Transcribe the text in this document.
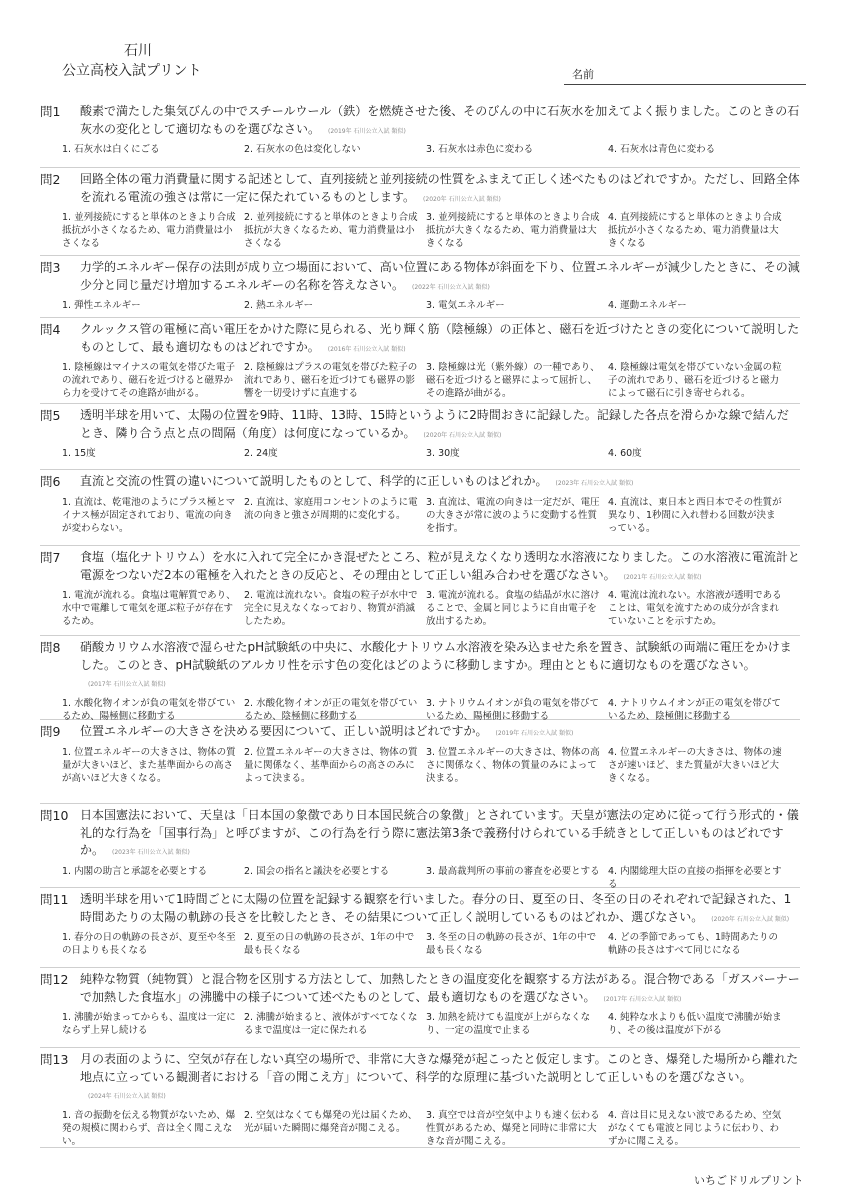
石川
公立高校入試プリント	名前
問1 酸素で満たした集気びんの中でスチールウール（鉄）を燃焼させた後、そのびんの中に石灰水を加えてよく振りました。このときの石灰水の変化として適切なものを選びなさい。 (2019年 石川公立入試 類似)
1. 石灰水は白くにごる	2. 石灰水の色は変化しない	3. 石灰水は赤色に変わる	4. 石灰水は青色に変わる
問2 回路全体の電力消費量に関する記述として、直列接続と並列接続の性質をふまえて正しく述べたものはどれですか。ただし、回路全体を流れる電流の強さは常に一定に保たれているものとします。 (2020年 石川公立入試 類似)
1. 並列接続にすると単体のときより合成抵抗が小さくなるため、電力消費量は小さくなる
2. 並列接続にすると単体のときより合成抵抗が大きくなるため、電力消費量は小さくなる
3. 並列接続にすると単体のときより合成抵抗が大きくなるため、電力消費量は大きくなる
4. 直列接続にすると単体のときより合成抵抗が小さくなるため、電力消費量は大きくなる
問3 力学的エネルギー保存の法則が成り立つ場面において、高い位置にある物体が斜面を下り、位置エネルギーが減少したときに、その減少分と同じ量だけ増加するエネルギーの名称を答えなさい。 (2022年 石川公立入試 類似)
1. 弾性エネルギー	2. 熱エネルギー	3. 電気エネルギー	4. 運動エネルギー
問4 クルックス管の電極に高い電圧をかけた際に見られる、光り輝く筋（陰極線）の正体と、磁石を近づけたときの変化について説明したものとして、最も適切なものはどれですか。 (2016年 石川公立入試 類似)
1. 陰極線はマイナスの電気を帯びた電子の流れであり、磁石を近づけると磁界から力を受けてその進路が曲がる。
2. 陰極線はプラスの電気を帯びた粒子の流れであり、磁石を近づけても磁界の影響を一切受けずに直進する
3. 陰極線は光（紫外線）の一種であり、磁石を近づけると磁界によって屈折し、その進路が曲がる。
4. 陰極線は電気を帯びていない金属の粒子の流れであり、磁石を近づけると磁力によって磁石に引き寄せられる。
問5 透明半球を用いて、太陽の位置を9時、11時、13時、15時というように2時間おきに記録した。記録した各点を滑らかな線で結んだとき、隣り合う点と点の間隔（角度）は何度になっているか。 (2020年 石川公立入試 類似)
1. 15度	2. 24度	3. 30度	4. 60度
問6 直流と交流の性質の違いについて説明したものとして、科学的に正しいものはどれか。 (2023年 石川公立入試 類似)
1. 直流は、乾電池のようにプラス極とマイナス極が固定されており、電流の向きが変わらない。
2. 直流は、家庭用コンセントのように電流の向きと強さが周期的に変化する。
3. 直流は、電流の向きは一定だが、電圧の大きさが常に波のように変動する性質を指す。
4. 直流は、東日本と西日本でその性質が異なり、1秒間に入れ替わる回数が決まっている。
問7 食塩（塩化ナトリウム）を水に入れて完全にかき混ぜたところ、粒が見えなくなり透明な水溶液になりました。この水溶液に電流計と電源をつないだ2本の電極を入れたときの反応と、その理由として正しい組み合わせを選びなさい。 (2021年 石川公立入試 類似)
1. 電流が流れる。食塩は電解質であり、水中で電離して電気を運ぶ粒子が存在するため。
2. 電流は流れない。食塩の粒子が水中で完全に見えなくなっており、物質が消滅したため。
3. 電流が流れる。食塩の結晶が水に溶けることで、金属と同じように自由電子を放出するため。
4. 電流は流れない。水溶液が透明であることは、電気を流すための成分が含まれていないことを示すため。
問8 硝酸カリウム水溶液で湿らせたpH試験紙の中央に、水酸化ナトリウム水溶液を染み込ませた糸を置き、試験紙の両端に電圧をかけました。このとき、pH試験紙のアルカリ性を示す色の変化はどのように移動しますか。理由とともに適切なものを選びなさい。(2017年 石川公立入試 類似)
1. 水酸化物イオンが負の電気を帯びているため、陽極側に移動する
2. 水酸化物イオンが正の電気を帯びているため、陰極側に移動する
3. ナトリウムイオンが負の電気を帯びているため、陽極側に移動する
4. ナトリウムイオンが正の電気を帯びているため、陰極側に移動する
問9 位置エネルギーの大きさを決める要因について、正しい説明はどれですか。 (2019年 石川公立入試 類似)
1. 位置エネルギーの大きさは、物体の質量が大きいほど、また基準面からの高さが高いほど大きくなる。
2. 位置エネルギーの大きさは、物体の質量に関係なく、基準面からの高さのみによって決まる。
3. 位置エネルギーの大きさは、物体の高さに関係なく、物体の質量のみによって決まる。
4. 位置エネルギーの大きさは、物体の速さが速いほど、また質量が大きいほど大きくなる。
問10 日本国憲法において、天皇は「日本国の象徴であり日本国民統合の象徴」とされています。天皇が憲法の定めに従って行う形式的・儀礼的な行為を「国事行為」と呼びますが、この行為を行う際に憲法第3条で義務付けられている手続きとして正しいものはどれですか。 (2023年 石川公立入試 類似)
1. 内閣の助言と承認を必要とする	2. 国会の指名と議決を必要とする	3. 最高裁判所の事前の審査を必要とする 4. 内閣総理大臣の直接の指揮を必要とする
問11 透明半球を用いて1時間ごとに太陽の位置を記録する観察を行いました。春分の日、夏至の日、冬至の日のそれぞれで記録された、1時間あたりの太陽の軌跡の長さを比較したとき、その結果について正しく説明しているものはどれか、選びなさい。 (2020年 石川公立入試 類似)
1. 春分の日の軌跡の長さが、夏至や冬至の日よりも長くなる
2. 夏至の日の軌跡の長さが、1年の中で最も長くなる
3. 冬至の日の軌跡の長さが、1年の中で最も長くなる
4. どの季節であっても、1時間あたりの軌跡の長さはすべて同じになる
問12 純粋な物質（純物質）と混合物を区別する方法として、加熱したときの温度変化を観察する方法がある。混合物である「ガスバーナーで加熱した食塩水」の沸騰中の様子について述べたものとして、最も適切なものを選びなさい。 (2017年 石川公立入試 類似)
1. 沸騰が始まってからも、温度は一定にならず上昇し続ける
2. 沸騰が始まると、液体がすべてなくなるまで温度は一定に保たれる
3. 加熱を続けても温度が上がらなくなり、一定の温度で止まる
4. 純粋な水よりも低い温度で沸騰が始まり、その後は温度が下がる
問13 月の表面のように、空気が存在しない真空の場所で、非常に大きな爆発が起こったと仮定します。このとき、爆発した場所から離れた地点に立っている観測者における「音の聞こえ方」について、科学的な原理に基づいた説明として正しいものを選びなさい。(2024年 石川公立入試 類似)
1. 音の振動を伝える物質がないため、爆発の規模に関わらず、音は全く聞こえない。
2. 空気はなくても爆発の光は届くため、光が届いた瞬間に爆発音が聞こえる。
3. 真空では音が空気中よりも速く伝わる性質があるため、爆発と同時に非常に大きな音が聞こえる。
4. 音は目に見えない波であるため、空気がなくても電波と同じように伝わり、わずかに聞こえる。
いちごドリルプリント
